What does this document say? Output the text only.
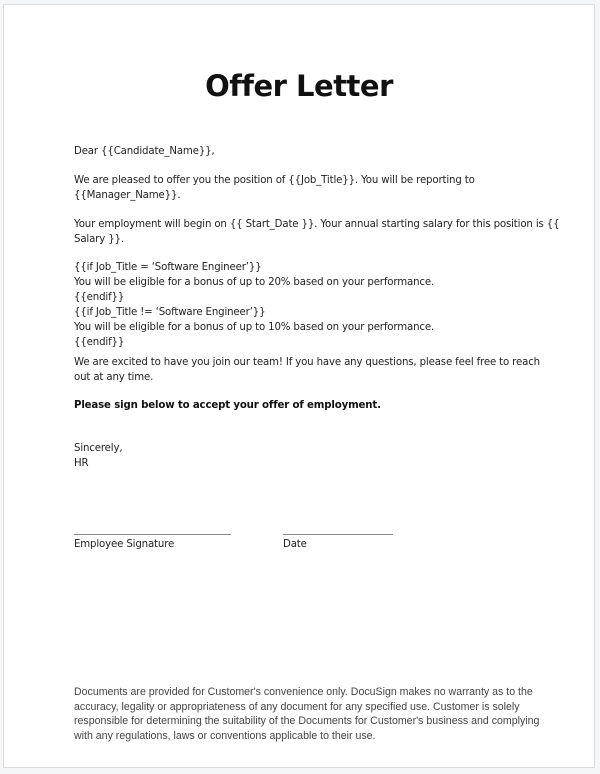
Offer Letter
Dear {{Candidate_Name}},
We are pleased to offer you the position of {{Job_Title}}. You will be reporting to
{{Manager_Name}}.
Your employment will begin on {{ Start_Date }}. Your annual starting salary for this position is {{
Salary }}.
{{if Job_Title = ‘Software Engineer’}}
You will be eligible for a bonus of up to 20% based on your performance.
{{endif}}
{{if Job_Title != ‘Software Engineer’}}
You will be eligible for a bonus of up to 10% based on your performance.
{{endif}}
We are excited to have you join our team! If you have any questions, please feel free to reach
out at any time.
Please sign below to accept your offer of employment.
Sincerely,
HR
Employee Signature	Date
Documents are provided for Customer's convenience only. DocuSign makes no warranty as to the
accuracy, legality or appropriateness of any document for any specified use. Customer is solely
responsible for determining the suitability of the Documents for Customer's business and complying
with any regulations, laws or conventions applicable to their use.
